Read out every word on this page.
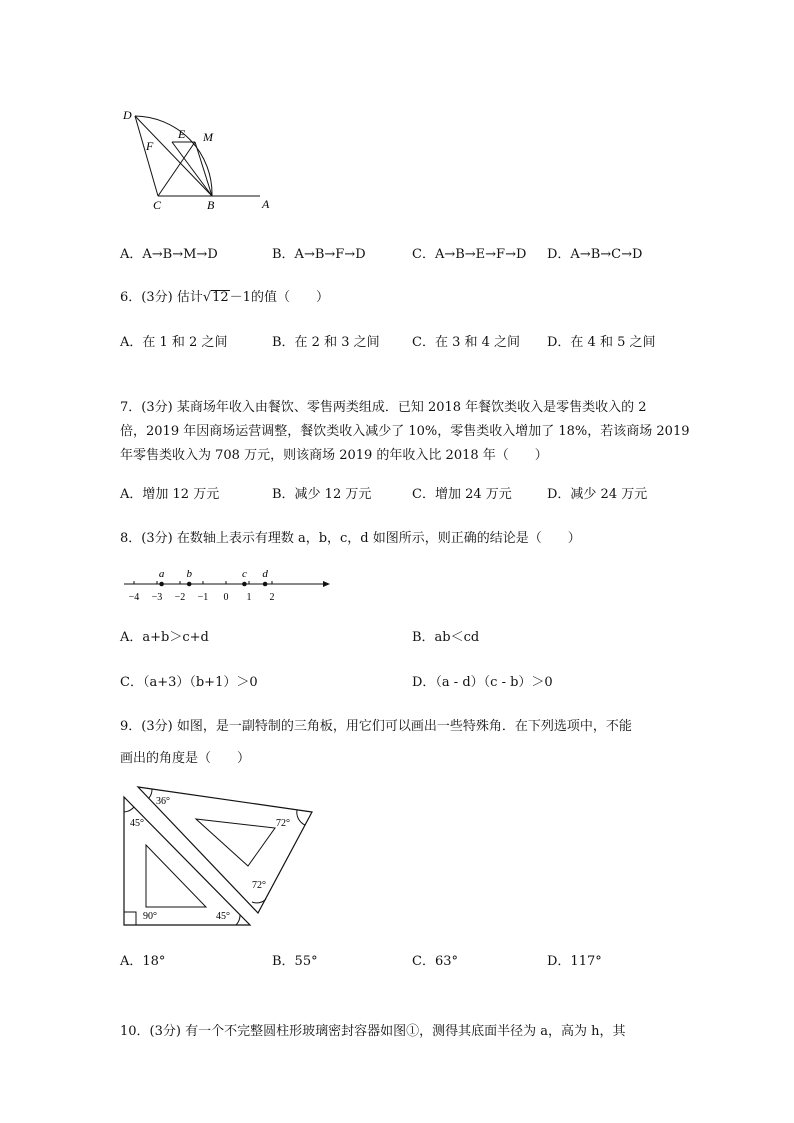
D
E M
F
C	B	A
A．A→B→M→D	B．A→B→F→D	C．A→B→E→F→D D．A→B→C→D
6．(3分) 估计√12－1的值（　　）
A．在 1 和 2 之间	B．在 2 和 3 之间 C．在 3 和 4 之间 D．在 4 和 5 之间
7．(3分) 某商场年收入由餐饮、零售两类组成．已知 2018 年餐饮类收入是零售类收入的 2
倍，2019 年因商场运营调整，餐饮类收入减少了 10%，零售类收入增加了 18%，若该商场 2019
年零售类收入为 708 万元，则该商场 2019 的年收入比 2018 年（　　）
A．增加 12 万元	B．减少 12 万元	C．增加 24 万元	D．减少 24 万元
8．(3分) 在数轴上表示有理数 a，b，c，d 如图所示，则正确的结论是（　　）
−4 −3 −2 −1 0 1 2
a b	c d
A．a+b＞c+d	B．ab＜cd
C．（a+3）（b+1）＞0	D．（a - d）（c - b）＞0
9．(3分) 如图，是一副特制的三角板，用它们可以画出一些特殊角．在下列选项中，不能
画出的角度是（　　）
36°
45°	72°
72°
90°	45°
A．18°	B．55°	C．63°	D．117°
10．(3分) 有一个不完整圆柱形玻璃密封容器如图①，测得其底面半径为 a，高为 h，其
